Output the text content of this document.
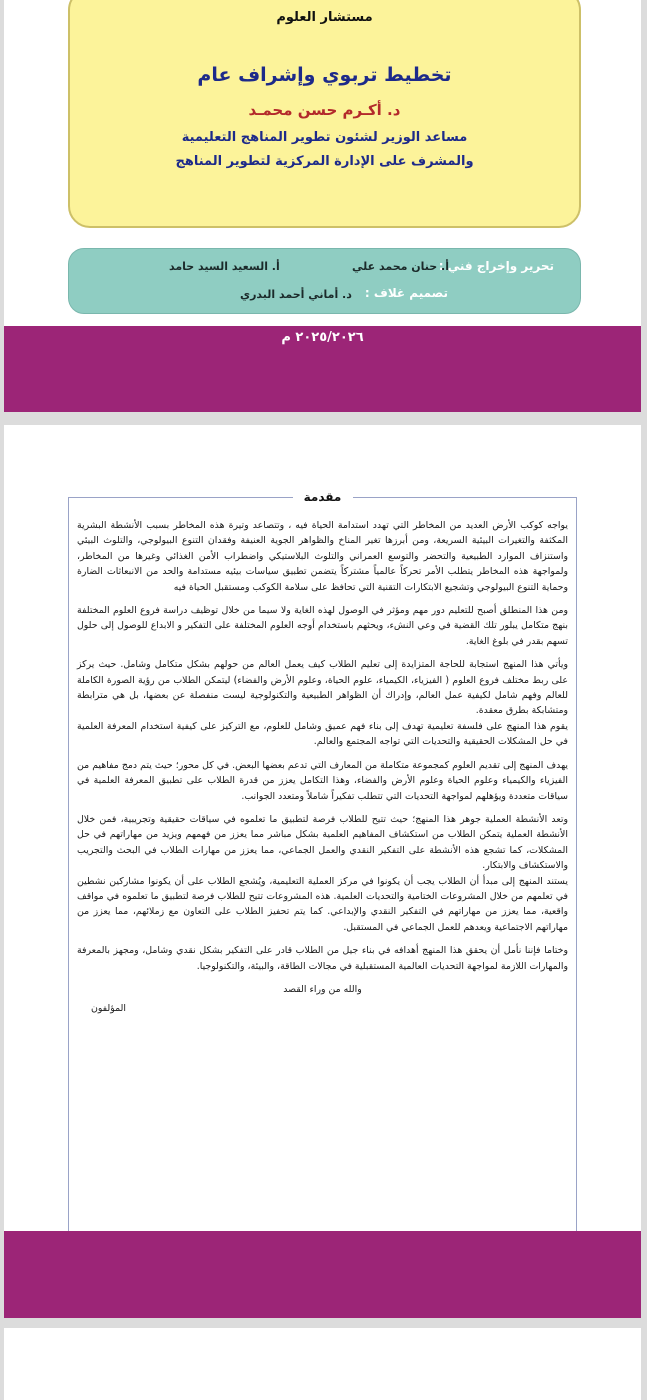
مستشار العلوم
تخطيط تربوي وإشراف عام
د. أكـرم حسن محمـد
مساعد الوزير لشئون تطوير المناهج التعليمية
والمشرف على الإدارة المركزية لتطوير المناهج
تحرير وإخراج فني :
أ. حنان محمد علي
أ. السعيد السيد حامد
تصميم غلاف :
د. أماني أحمد البدري
٢٠٢٥/٢٠٢٦ م

يواجه كوكب الأرض العديد من المخاطر التي تهدد استدامة الحياة فيه ، وتتصاعد وتيرة هذه المخاطر بسبب الأنشطة البشرية المكثفة والتغيرات البيئية السريعة، ومن أبرزها تغير المناخ والظواهر الجوية العنيفة وفقدان التنوع البيولوجي، والتلوث البيئي واستنزاف الموارد الطبيعية والتحضر والتوسع العمراني والتلوث البلاستيكي واضطراب الأمن الغذائي وغيرها من المخاطر، ولمواجهة هذه المخاطر يتطلب الأمر تحركاً عالمياً مشتركاً يتضمن تطبيق سياسات بيئيه مستدامة والحد من الانبعاثات الضارة وحماية التنوع البيولوجي وتشجيع الابتكارات التقنية التي تحافظ على سلامة الكوكب ومستقبل الحياة فيه

ومن هذا المنطلق أصبح للتعليم دور مهم ومؤثر في الوصول لهذه الغاية ولا سيما من خلال توظيف دراسة فروع العلوم المختلفة بنهج متكامل يبلور تلك القضية في وعي النشء، ويحثهم باستخدام أوجه العلوم المختلفة على التفكير و الابداع للوصول إلى حلول تسهم بقدر في بلوغ الغاية.

ويأتي هذا المنهج استجابة للحاجة المتزايدة إلى تعليم الطلاب كيف يعمل العالم من حولهم بشكل متكامل وشامل. حيث يركز على ربط مختلف فروع العلوم ( الفيزياء، الكيمياء، علوم الحياة، وعلوم الأرض والفضاء) ليتمكن الطلاب من رؤية الصورة الكاملة للعالم وفهم شامل لكيفية عمل العالم، وإدراك أن الظواهر الطبيعية والتكنولوجية ليست منفصلة عن بعضها، بل هي مترابطة ومتشابكة بطرق معقدة.

يقوم هذا المنهج على فلسفة تعليمية تهدف إلى بناء فهم عميق وشامل للعلوم، مع التركيز على كيفية استخدام المعرفة العلمية في حل المشكلات الحقيقية والتحديات التي تواجه المجتمع والعالم.

يهدف المنهج إلى تقديم العلوم كمجموعة متكاملة من المعارف التي تدعم بعضها البعض. في كل محور؛ حيث يتم دمج مفاهيم من الفيزياء والكيمياء وعلوم الحياة وعلوم الأرض والفضاء، وهذا التكامل يعزز من قدرة الطلاب على تطبيق المعرفة العلمية في سياقات متعددة ويؤهلهم لمواجهة التحديات التي تتطلب تفكيراً شاملاً ومتعدد الجوانب.

وتعد الأنشطة العملية جوهر هذا المنهج؛ حيث تتيح للطلاب فرصة لتطبيق ما تعلموه في سياقات حقيقية وتجريبية، فمن خلال الأنشطة العملية يتمكن الطلاب من استكشاف المفاهيم العلمية بشكل مباشر مما يعزز من فهمهم ويزيد من مهاراتهم في حل المشكلات، كما تشجع هذه الأنشطة على التفكير النقدي والعمل الجماعي، مما يعزز من مهارات الطلاب في البحث والتجريب والاستكشاف والابتكار.

يستند المنهج إلى مبدأ أن الطلاب يجب أن يكونوا في مركز العملية التعليمية، ويُشجع الطلاب على أن يكونوا مشاركين نشطين في تعلمهم من خلال المشروعات الختامية والتحديات العلمية. هذه المشروعات تتيح للطلاب فرصة لتطبيق ما تعلموه في مواقف واقعية، مما يعزز من مهاراتهم في التفكير النقدي والإبداعي. كما يتم تحفيز الطلاب على التعاون مع زملائهم، مما يعزز من مهاراتهم الاجتماعية ويعدهم للعمل الجماعي في المستقبل.

وختاما فإننا نأمل أن يحقق هذا المنهج أهدافه في بناء جيل من الطلاب قادر على التفكير بشكل نقدي وشامل، ومجهز بالمعرفة والمهارات اللازمة لمواجهة التحديات العالمية المستقبلية في مجالات الطاقة، والبيئة، والتكنولوجيا.

والله من وراء القصد
المؤلفون
مقدمة
